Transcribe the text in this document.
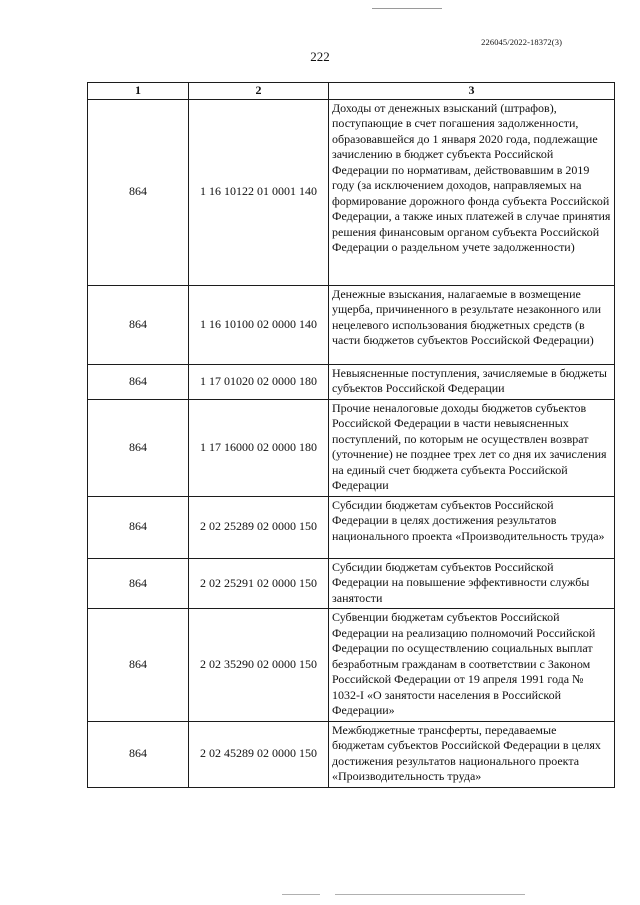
226045/2022-18372(3)
222
1	2	3
864	1 16 10122 01 0001 140	Доходы от денежных взысканий (штрафов), поступающие в счет погашения задолженности, образовавшейся до 1 января 2020 года, подлежащие зачислению в бюджет субъекта Российской Федерации по нормативам, действовавшим в 2019 году (за исключением доходов, направляемых на формирование дорожного фонда субъекта Российской Федерации, а также иных платежей в случае принятия решения финансовым органом субъекта Российской Федерации о раздельном учете задолженности)
864	1 16 10100 02 0000 140	Денежные взыскания, налагаемые в возмещение ущерба, причиненного в результате незаконного или нецелевого использования бюджетных средств (в части бюджетов субъектов Российской Федерации)
864	1 17 01020 02 0000 180	Невыясненные поступления, зачисляемые в бюджеты субъектов Российской Федерации
864	1 17 16000 02 0000 180	Прочие неналоговые доходы бюджетов субъектов Российской Федерации в части невыясненных поступлений, по которым не осуществлен возврат (уточнение) не позднее трех лет со дня их зачисления на единый счет бюджета субъекта Российской Федерации
864	2 02 25289 02 0000 150	Субсидии бюджетам субъектов Российской Федерации в целях достижения результатов национального проекта «Производительность труда»
864	2 02 25291 02 0000 150	Субсидии бюджетам субъектов Российской Федерации на повышение эффективности службы занятости
864	2 02 35290 02 0000 150	Субвенции бюджетам субъектов Российской Федерации на реализацию полномочий Российской Федерации по осуществлению социальных выплат безработным гражданам в соответствии с Законом Российской Федерации от 19 апреля 1991 года № 1032-I «О занятости населения в Российской Федерации»
864	2 02 45289 02 0000 150	Межбюджетные трансферты, передаваемые бюджетам субъектов Российской Федерации в целях достижения результатов национального проекта «Производительность труда»
